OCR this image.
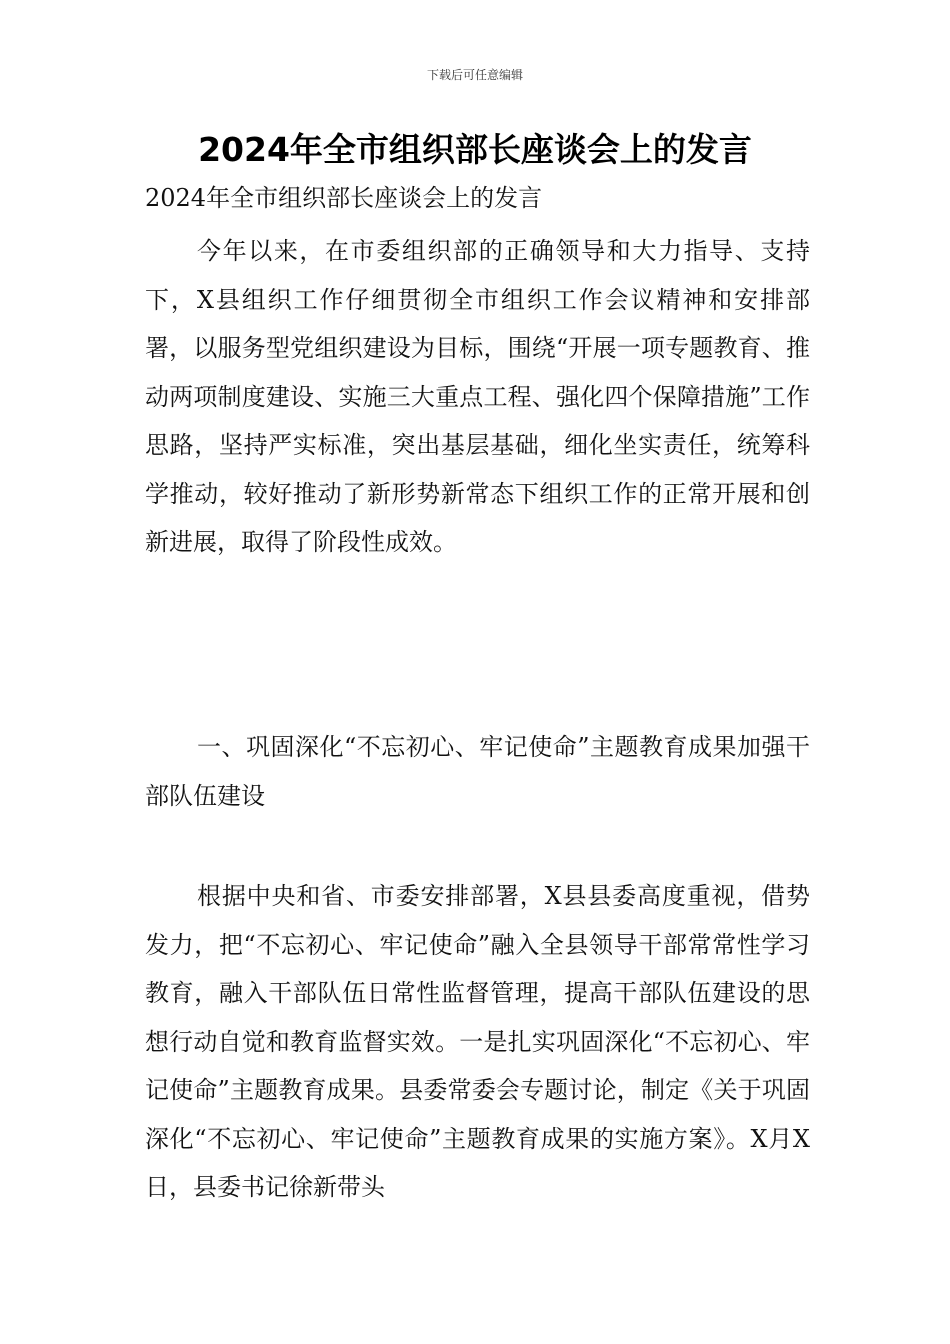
下载后可任意编辑
2024年全市组织部长座谈会上的发言
2024年全市组织部长座谈会上的发言

今年以来，在市委组织部的正确领导和大力指导、支持下，X县组织工作仔细贯彻全市组织工作会议精神和安排部署，以服务型党组织建设为目标，围绕“开展一项专题教育、推动两项制度建设、实施三大重点工程、强化四个保障措施”工作思路，坚持严实标准，突出基层基础，细化坐实责任，统筹科学推动，较好推动了新形势新常态下组织工作的正常开展和创新进展，取得了阶段性成效。

一、巩固深化“不忘初心、牢记使命”主题教育成果加强干部队伍建设

根据中央和省、市委安排部署，X县县委高度重视，借势发力，把“不忘初心、牢记使命”融入全县领导干部常常性学习教育，融入干部队伍日常性监督管理，提高干部队伍建设的思想行动自觉和教育监督实效。一是扎实巩固深化“不忘初心、牢记使命”主题教育成果。县委常委会专题讨论，制定《关于巩固深化“不忘初心、牢记使命”主题教育成果的实施方案》。X月X日，县委书记徐新带头
